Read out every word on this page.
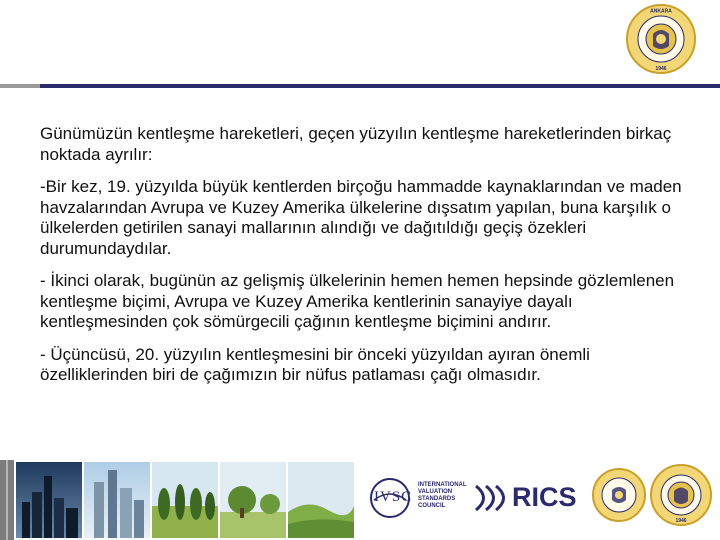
ANKARA
1946

Günümüzün kentleşme hareketleri, geçen yüzyılın kentleşme hareketlerinden birkaç noktada ayrılır:

-Bir kez, 19. yüzyılda büyük kentlerden birçoğu hammadde kaynaklarından ve maden havzalarından Avrupa ve Kuzey Amerika ülkelerine dışsatım yapılan, buna karşılık o ülkelerden getirilen sanayi mallarının alındığı ve dağıtıldığı geçiş özekleri durumundaydılar.

- İkinci olarak, bugünün az gelişmiş ülkelerinin hemen hemen hepsinde gözlemlenen kentleşme biçimi, Avrupa ve Kuzey Amerika kentlerinin sanayiye dayalı kentleşmesinden çok sömürgecili çağının kentleşme biçimini andırır.

- Üçüncüsü, 20. yüzyılın kentleşmesini bir önceki yüzyıldan ayıran önemli özelliklerinden biri de çağımızın bir nüfus patlaması çağı olmasıdır.

IVSC
INTERNATIONAL
VALUATION
STANDARDS
COUNCIL	RICS
1946
